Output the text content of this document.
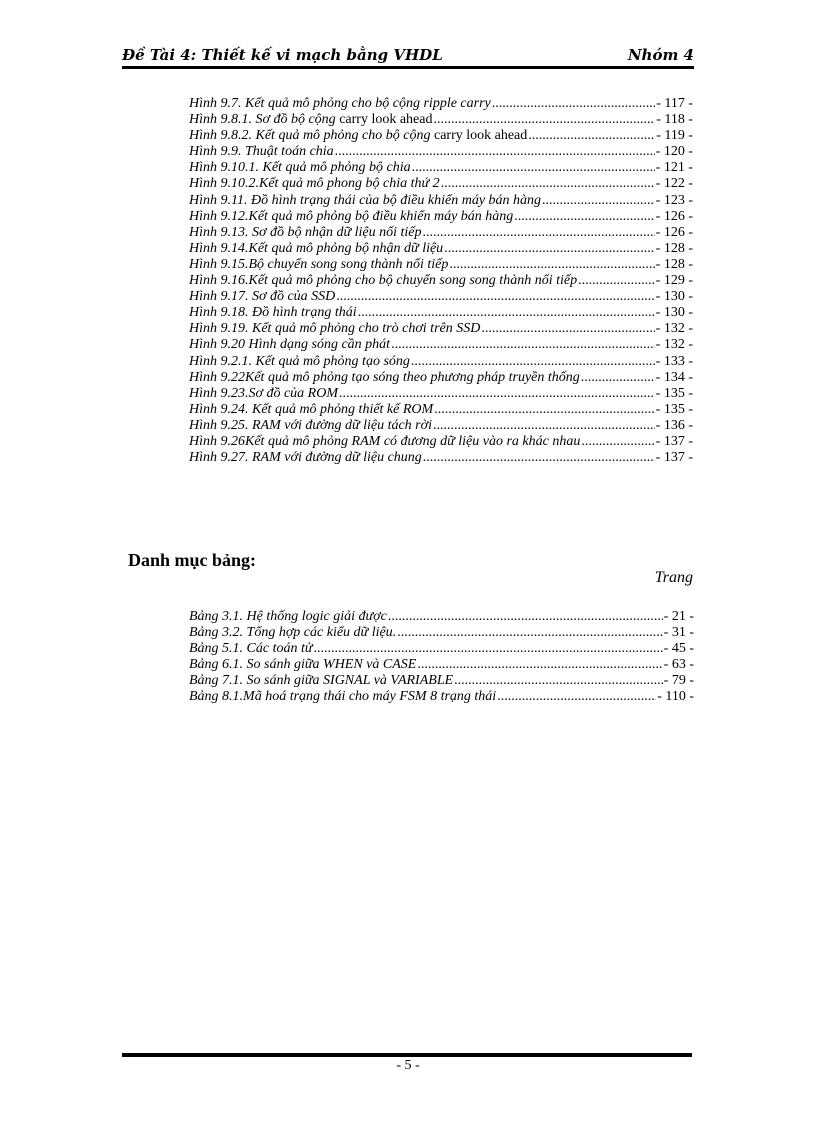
Đề Tài 4: Thiết kế vi mạch bằng VHDL	Nhóm 4
Hình 9.7. Kết quả mô phỏng cho bộ cộng ripple carry .....	- 117 -
Hình 9.8.1. Sơ đồ bộ cộng carry look ahead .....	- 118 -
Hình 9.8.2. Kết quả mô phỏng cho bộ cộng carry look ahead .....	- 119 -
Hình 9.9. Thuật toán chia .....	- 120 -
Hình 9.10.1. Kết quả mô phỏng bộ chia .....	- 121 -
Hình 9.10.2.Kết quả mô phong bộ chia thứ 2 .....	- 122 -
Hình 9.11. Đồ hình trạng thái của bộ điều khiển máy bán hàng .....	- 123 -
Hình 9.12.Kết quả mô phỏng bộ điều khiển máy bán hàng .....	- 126 -
Hình 9.13. Sơ đồ bộ nhận dữ liệu nối tiếp .....	- 126 -
Hình 9.14.Kết quả mô phỏng bộ nhận dữ liệu .....	- 128 -
Hình 9.15.Bộ chuyển song song thành nối tiếp .....	- 128 -
Hình 9.16.Kết quả mô phỏng cho bộ chuyển song song thành nối tiếp .....	- 129 -
Hình 9.17. Sơ đồ của SSD .....	- 130 -
Hình 9.18. Đồ hình trạng thái .....	- 130 -
Hình 9.19. Kết quả mô phỏng cho trò chơi trên SSD .....	- 132 -
Hình 9.20 Hình dạng sóng cần phát .....	- 132 -
Hình 9.2.1. Kết quả mô phỏng tạo sóng .....	- 133 -
Hình 9.22Kết quả mô phỏng tạo sóng theo phương pháp truyền thống .....	- 134 -
Hình 9.23.Sơ đồ của ROM .....	- 135 -
Hình 9.24. Kết quả mô phỏng thiết kế ROM .....	- 135 -
Hình 9.25. RAM với đường dữ liệu tách rời .....	- 136 -
Hình 9.26Kết quả mô phỏng RAM có đương dữ liệu vào ra khác nhau .....	- 137 -
Hình 9.27. RAM với đường dữ liệu chung .....	- 137 -
Danh mục bảng:
Trang
Bảng 3.1. Hệ thống logic giải được .....	- 21 -
Bảng 3.2. Tổng hợp các kiểu dữ liệu. .....	- 31 -
Bảng 5.1. Các toán tử .....	- 45 -
Bảng 6.1. So sánh giữa WHEN và CASE .....	- 63 -
Bảng 7.1. So sánh giữa SIGNAL và VARIABLE .....	- 79 -
Bảng 8.1.Mã hoá trạng thái cho máy FSM 8 trạng thái .....	- 110 -
- 5 -
